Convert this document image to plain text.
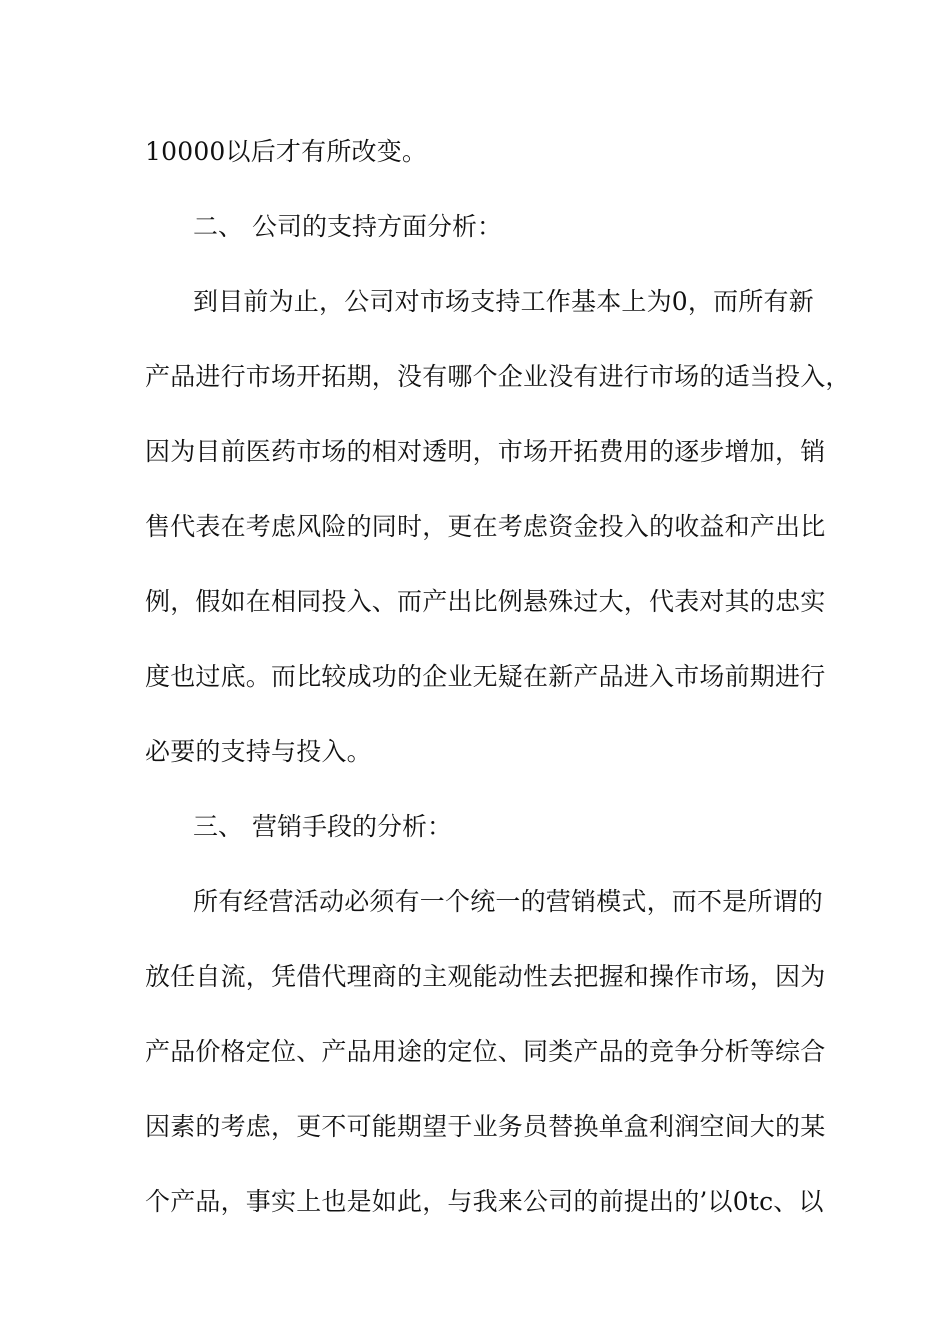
10000以后才有所改变。
二、 公司的支持方面分析：
到目前为止，公司对市场支持工作基本上为0，而所有新
产品进行市场开拓期，没有哪个企业没有进行市场的适当投入，
因为目前医药市场的相对透明，市场开拓费用的逐步增加，销
售代表在考虑风险的同时，更在考虑资金投入的收益和产出比
例，假如在相同投入、而产出比例悬殊过大，代表对其的忠实
度也过底。而比较成功的企业无疑在新产品进入市场前期进行
必要的支持与投入。
三、 营销手段的分析：
所有经营活动必须有一个统一的营销模式，而不是所谓的
放任自流，凭借代理商的主观能动性去把握和操作市场，因为
产品价格定位、产品用途的定位、同类产品的竞争分析等综合
因素的考虑，更不可能期望于业务员替换单盒利润空间大的某
个产品，事实上也是如此，与我来公司的前提出的’以0tc、以
